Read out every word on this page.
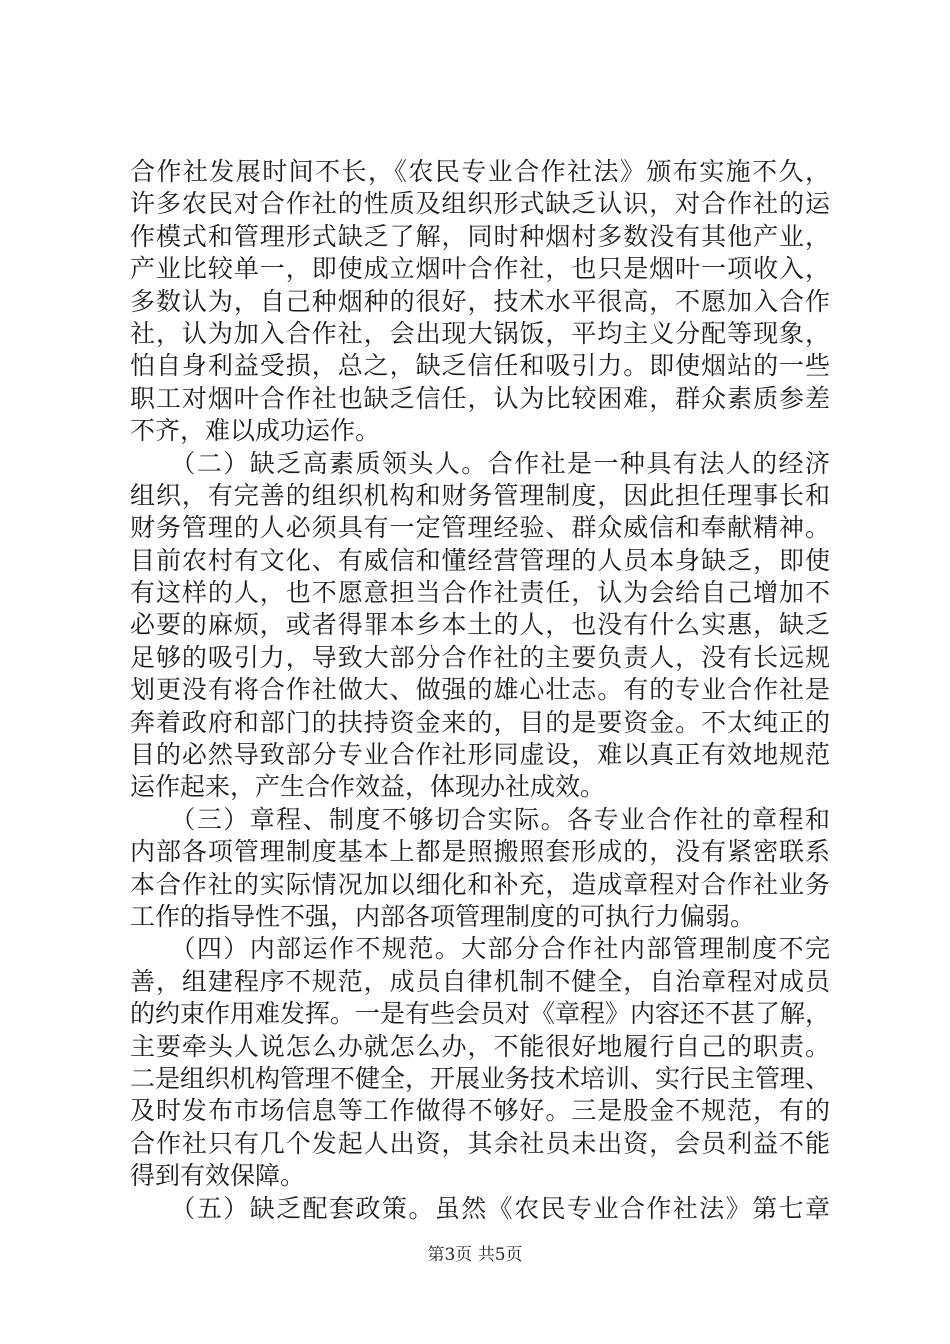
合作社发展时间不长，《农民专业合作社法》颁布实施不久，
许多农民对合作社的性质及组织形式缺乏认识，对合作社的运
作模式和管理形式缺乏了解，同时种烟村多数没有其他产业，
产业比较单一，即使成立烟叶合作社，也只是烟叶一项收入，
多数认为，自己种烟种的很好，技术水平很高，不愿加入合作
社，认为加入合作社，会出现大锅饭，平均主义分配等现象，
怕自身利益受损，总之，缺乏信任和吸引力。即使烟站的一些
职工对烟叶合作社也缺乏信任，认为比较困难，群众素质参差
不齐，难以成功运作。
　　（二）缺乏高素质领头人。合作社是一种具有法人的经济
组织，有完善的组织机构和财务管理制度，因此担任理事长和
财务管理的人必须具有一定管理经验、群众威信和奉献精神。
目前农村有文化、有威信和懂经营管理的人员本身缺乏，即使
有这样的人，也不愿意担当合作社责任，认为会给自己增加不
必要的麻烦，或者得罪本乡本土的人，也没有什么实惠，缺乏
足够的吸引力，导致大部分合作社的主要负责人，没有长远规
划更没有将合作社做大、做强的雄心壮志。有的专业合作社是
奔着政府和部门的扶持资金来的，目的是要资金。不太纯正的
目的必然导致部分专业合作社形同虚设，难以真正有效地规范
运作起来，产生合作效益，体现办社成效。
　　（三）章程、制度不够切合实际。各专业合作社的章程和
内部各项管理制度基本上都是照搬照套形成的，没有紧密联系
本合作社的实际情况加以细化和补充，造成章程对合作社业务
工作的指导性不强，内部各项管理制度的可执行力偏弱。
　　（四）内部运作不规范。大部分合作社内部管理制度不完
善，组建程序不规范，成员自律机制不健全，自治章程对成员
的约束作用难发挥。一是有些会员对《章程》内容还不甚了解，
主要牵头人说怎么办就怎么办，不能很好地履行自己的职责。
二是组织机构管理不健全，开展业务技术培训、实行民主管理、
及时发布市场信息等工作做得不够好。三是股金不规范，有的
合作社只有几个发起人出资，其余社员未出资，会员利益不能
得到有效保障。
　　（五）缺乏配套政策。虽然《农民专业合作社法》第七章
第3页 共5页
